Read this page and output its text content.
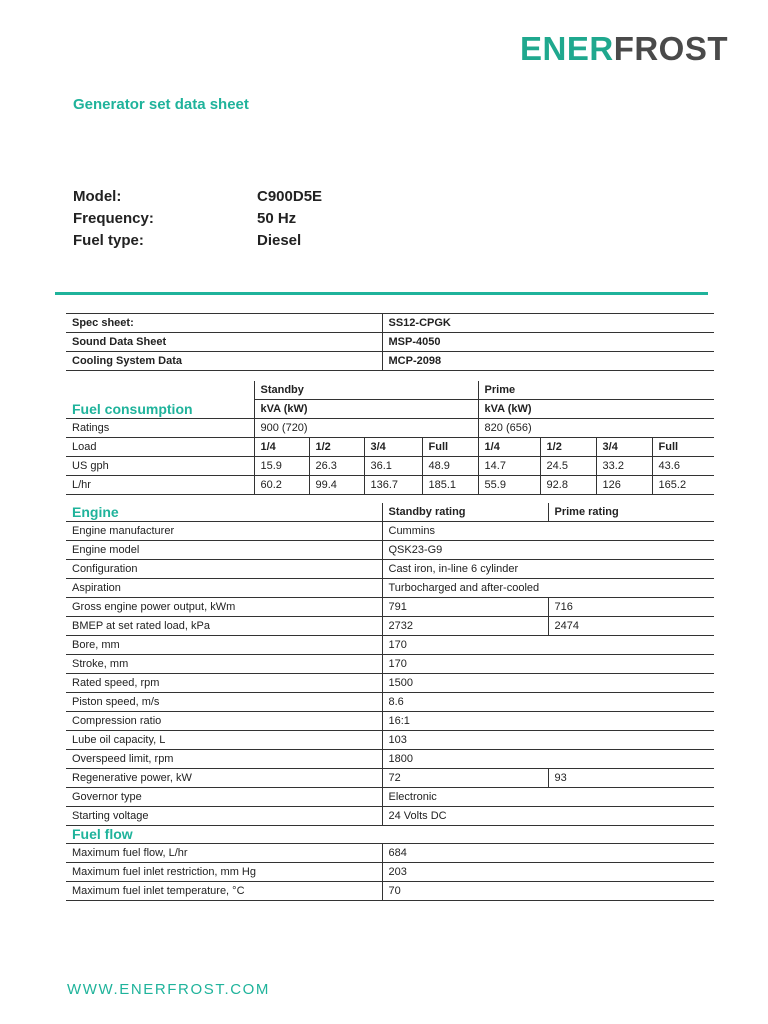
ENERFROST
Generator set data sheet
Model:	C900D5E
Frequency:	50 Hz
Fuel type:	Diesel
Spec sheet:	SS12-CPGK
Sound Data Sheet	MSP-4050
Cooling System Data	MCP-2098
	Standby				Prime			
Fuel consumption	kVA (kW)				kVA (kW)			
Ratings	900 (720)				820 (656)			
Load	1/4	1/2	3/4	Full	1/4	1/2	3/4	Full
US gph	15.9	26.3	36.1	48.9	14.7	24.5	33.2	43.6
L/hr	60.2	99.4	136.7	185.1	55.9	92.8	126	165.2
Engine	Standby rating	Prime rating
Engine manufacturer	Cummins	
Engine model	QSK23-G9	
Configuration	Cast iron, in-line 6 cylinder	
Aspiration	Turbocharged and after-cooled	
Gross engine power output, kWm	791	716
BMEP at set rated load, kPa	2732	2474
Bore, mm	170	
Stroke, mm	170	
Rated speed, rpm	1500	
Piston speed, m/s	8.6	
Compression ratio	16:1	
Lube oil capacity, L	103	
Overspeed limit, rpm	1800	
Regenerative power, kW	72	93
Governor type	Electronic	
Starting voltage	24 Volts DC	
Fuel flow	
Maximum fuel flow, L/hr	684
Maximum fuel inlet restriction, mm Hg	203
Maximum fuel inlet temperature, °C	70
WWW.ENERFROST.COM
